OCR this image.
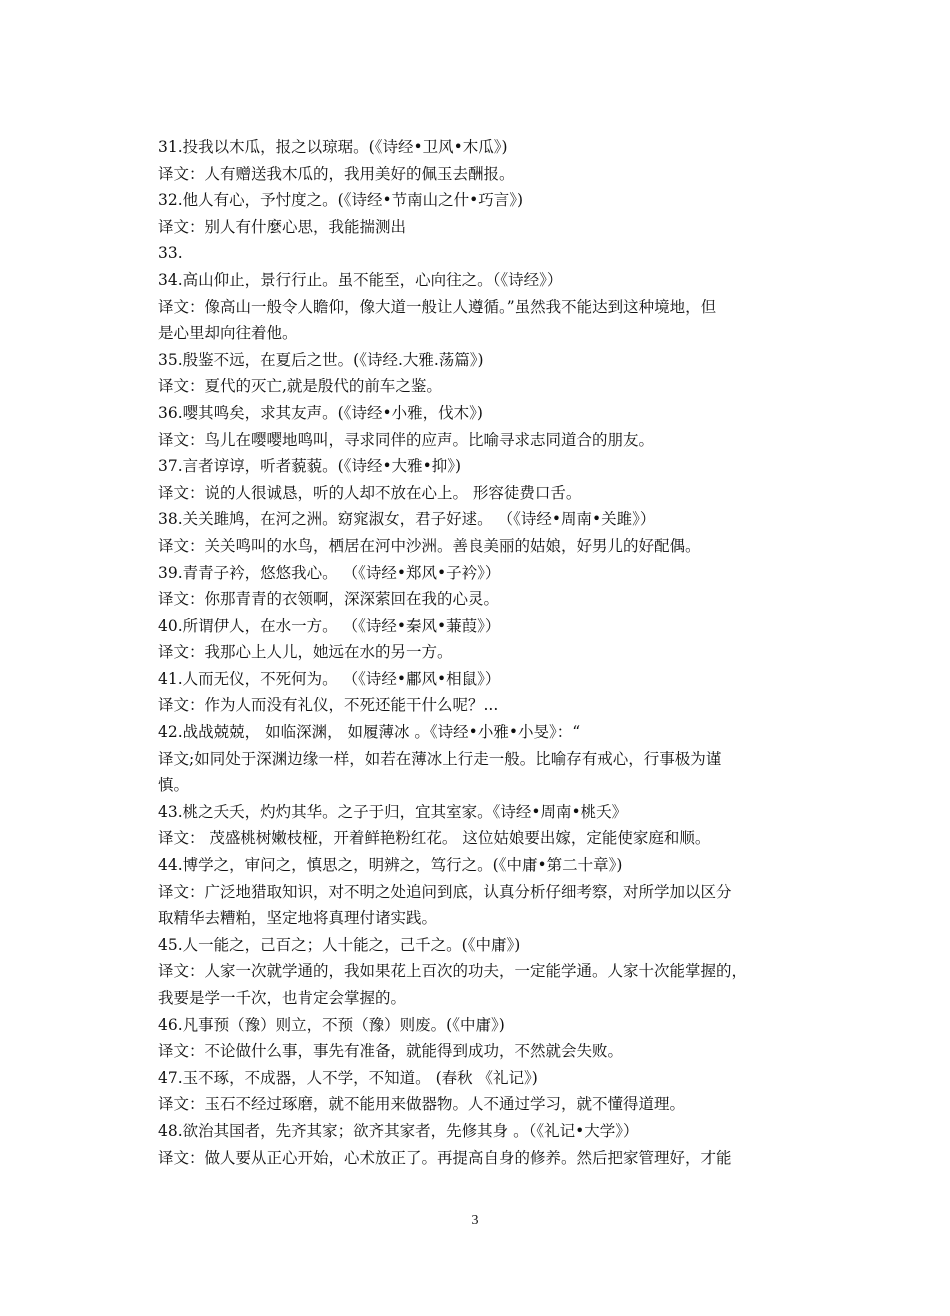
31.投我以木瓜，报之以琼琚。(《诗经•卫风•木瓜》)
译文：人有赠送我木瓜的，我用美好的佩玉去酬报。
32.他人有心，予忖度之。(《诗经•节南山之什•巧言》)
译文：别人有什麼心思，我能揣测出
33.
34.高山仰止，景行行止。虽不能至，心向往之。（《诗经》）
译文：像高山一般令人瞻仰，像大道一般让人遵循。”虽然我不能达到这种境地，但
是心里却向往着他。
35.殷鉴不远，在夏后之世。(《诗经.大雅.荡篇》)
译文：夏代的灭亡,就是殷代的前车之鉴。
36.嘤其鸣矣，求其友声。(《诗经•小雅，伐木》)
译文：鸟儿在嘤嘤地鸣叫，寻求同伴的应声。比喻寻求志同道合的朋友。
37.言者谆谆，听者藐藐。(《诗经•大雅•抑》)
译文：说的人很诚恳，听的人却不放在心上。 形容徒费口舌。
38.关关雎鸠，在河之洲。窈窕淑女，君子好逑。 （《诗经•周南•关雎》）
译文：关关鸣叫的水鸟，栖居在河中沙洲。善良美丽的姑娘，好男儿的好配偶。
39.青青子衿，悠悠我心。 （《诗经•郑风•子衿》）
译文：你那青青的衣领啊，深深萦回在我的心灵。
40.所谓伊人，在水一方。 （《诗经•秦风•蒹葭》）
译文：我那心上人儿，她远在水的另一方。
41.人而无仪，不死何为。 （《诗经•鄘风•相鼠》）
译文：作为人而没有礼仪，不死还能干什么呢？...
42.战战兢兢， 如临深渊， 如履薄冰 。《诗经•小雅•小旻》：“
译文;如同处于深渊边缘一样，如若在薄冰上行走一般。比喻存有戒心，行事极为谨
慎。
43.桃之夭夭，灼灼其华。之子于归，宜其室家。《诗经•周南•桃夭》
译文： 茂盛桃树嫩枝桠，开着鲜艳粉红花。 这位姑娘要出嫁，定能使家庭和顺。
44.博学之，审问之，慎思之，明辨之，笃行之。(《中庸•第二十章》)
译文：广泛地猎取知识，对不明之处追问到底，认真分析仔细考察，对所学加以区分
取精华去糟粕，坚定地将真理付诸实践。
45.人一能之，己百之；人十能之，己千之。(《中庸》)
译文：人家一次就学通的，我如果花上百次的功夫，一定能学通。人家十次能掌握的，
我要是学一千次，也肯定会掌握的。
46.凡事预（豫）则立，不预（豫）则废。(《中庸》)
译文：不论做什么事，事先有准备，就能得到成功，不然就会失败。
47.玉不琢，不成器，人不学，不知道。 (春秋 《礼记》)
译文：玉石不经过琢磨，就不能用来做器物。人不通过学习，就不懂得道理。
48.欲治其国者，先齐其家；欲齐其家者，先修其身 。（《礼记•大学》）
译文：做人要从正心开始，心术放正了。再提高自身的修养。然后把家管理好，才能
3
